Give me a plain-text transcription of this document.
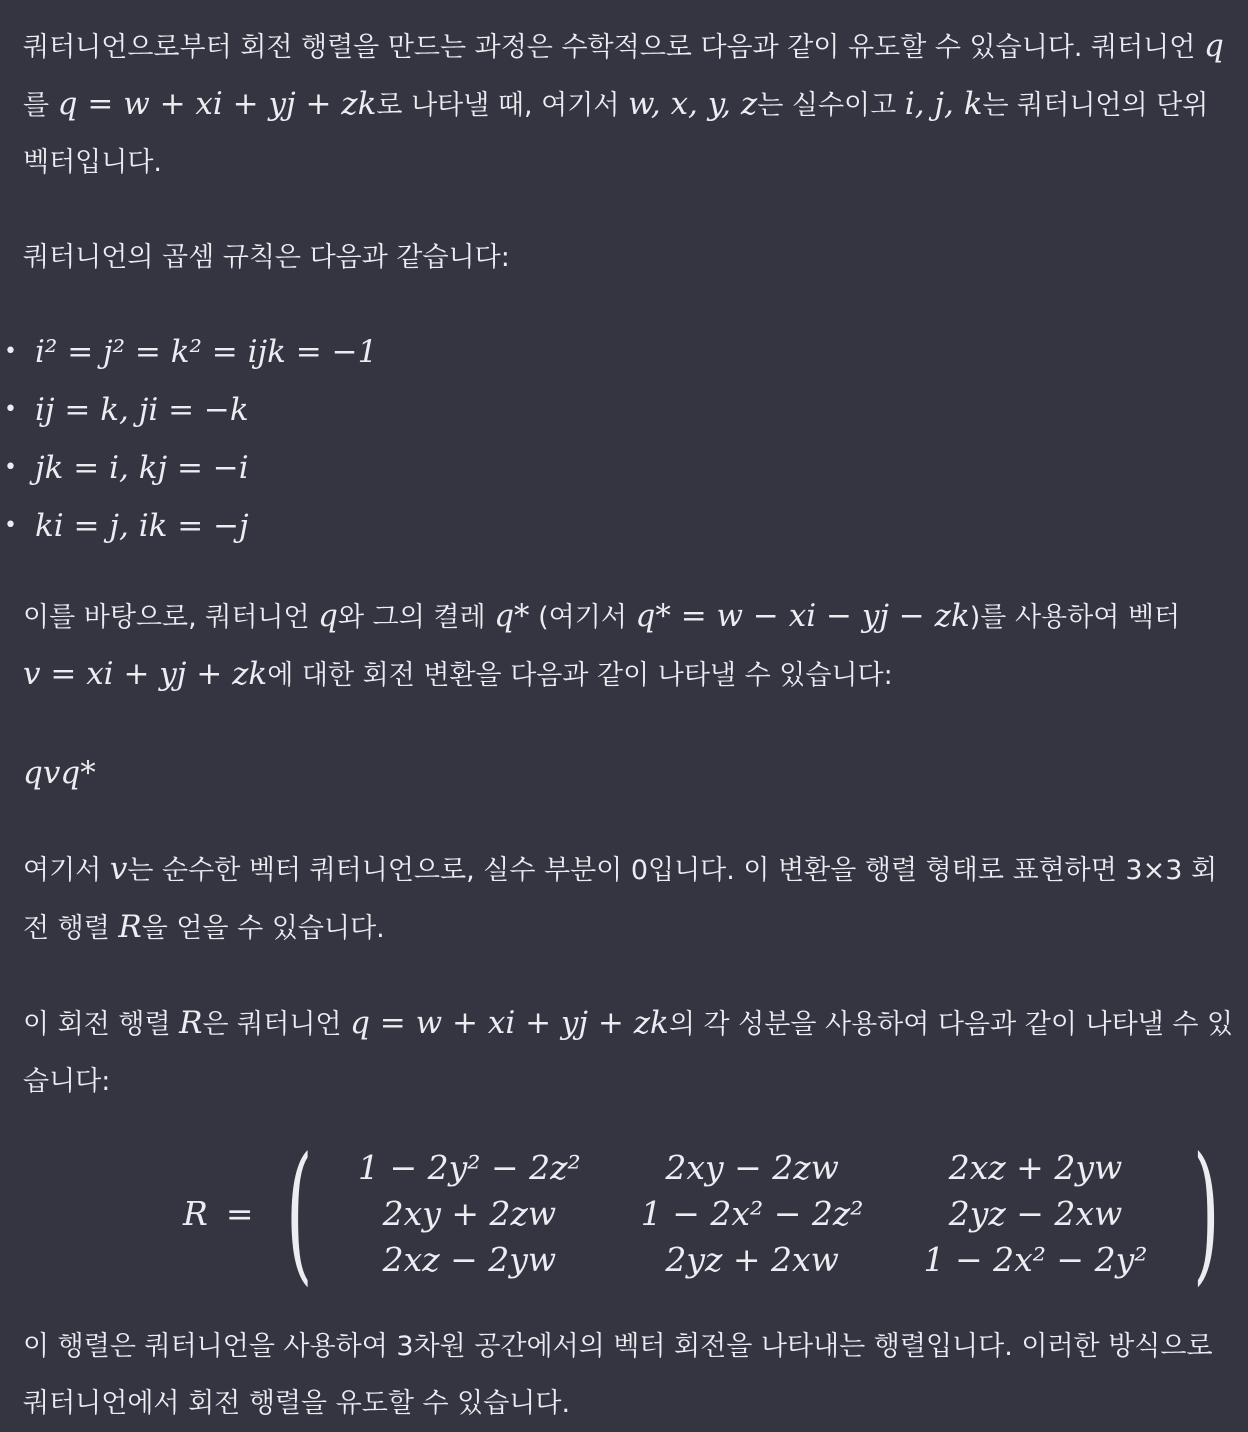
쿼터니언으로부터 회전 행렬을 만드는 과정은 수학적으로 다음과 같이 유도할 수 있습니다. 쿼터니언 q를 q = w + xi + yj + zk로 나타낼 때, 여기서 w, x, y, z는 실수이고 i, j, k는 쿼터니언의 단위 벡터입니다.

쿼터니언의 곱셈 규칙은 다음과 같습니다:

• i² = j² = k² = ijk = −1
• ij = k, ji = −k
• jk = i, kj = −i
• ki = j, ik = −j

이를 바탕으로, 쿼터니언 q와 그의 켤레 q* (여기서 q* = w − xi − yj − zk)를 사용하여 벡터 v = xi + yj + zk에 대한 회전 변환을 다음과 같이 나타낼 수 있습니다:

qvq*

여기서 v는 순수한 벡터 쿼터니언으로, 실수 부분이 0입니다. 이 변환을 행렬 형태로 표현하면 3×3 회전 행렬 R을 얻을 수 있습니다.

이 회전 행렬 R은 쿼터니언 q = w + xi + yj + zk의 각 성분을 사용하여 다음과 같이 나타낼 수 있습니다:

R = ( 1 − 2y² − 2z²	2xy − 2zw	2xz + 2yw
2xy + 2zw	1 − 2x² − 2z²	2yz − 2xw
2xz − 2yw	2yz + 2xw	1 − 2x² − 2y² )

이 행렬은 쿼터니언을 사용하여 3차원 공간에서의 벡터 회전을 나타내는 행렬입니다. 이러한 방식으로 쿼터니언에서 회전 행렬을 유도할 수 있습니다.
